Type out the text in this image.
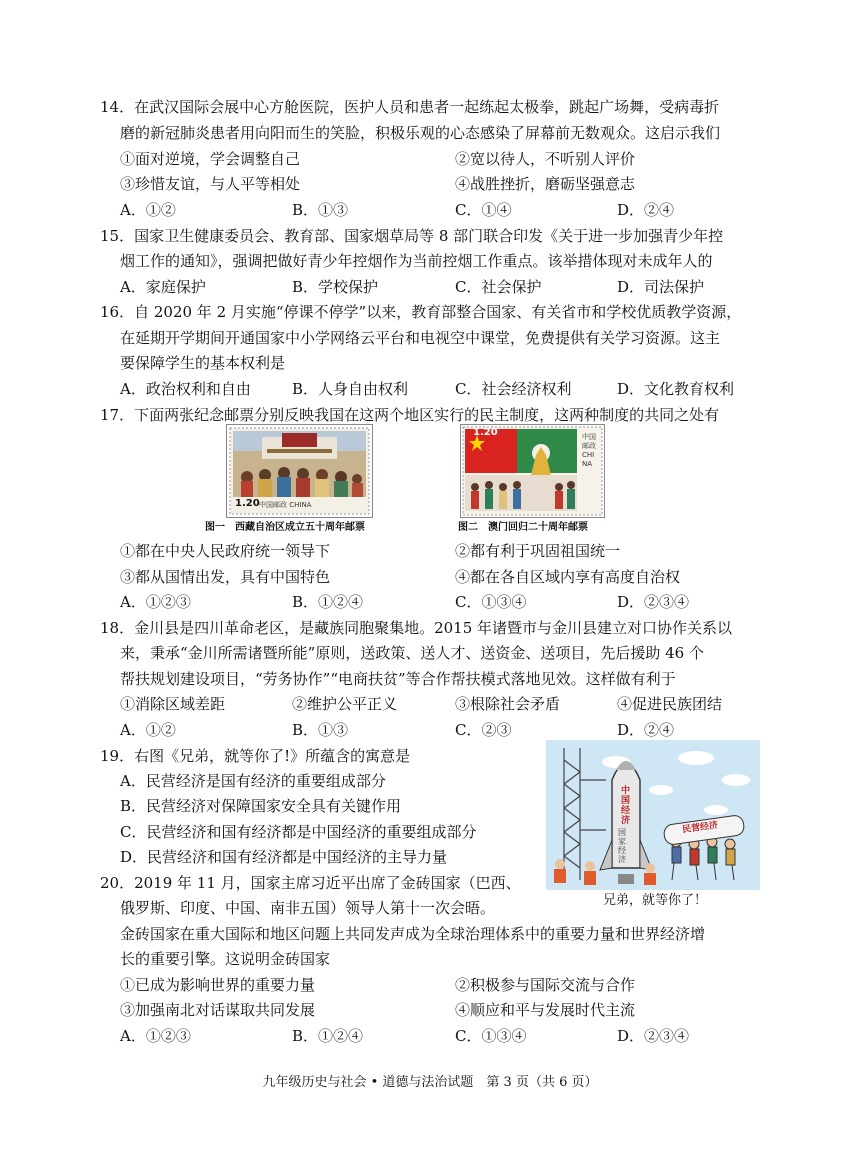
14．在武汉国际会展中心方舱医院，医护人员和患者一起练起太极拳，跳起广场舞，受病毒折
磨的新冠肺炎患者用向阳而生的笑脸，积极乐观的心态感染了屏幕前无数观众。这启示我们
①面对逆境，学会调整自己	②宽以待人，不听别人评价
③珍惜友谊，与人平等相处	④战胜挫折，磨砺坚强意志
A．①②	B．①③	C．①④	D．②④
15．国家卫生健康委员会、教育部、国家烟草局等 8 部门联合印发《关于进一步加强青少年控
烟工作的通知》，强调把做好青少年控烟作为当前控烟工作重点。该举措体现对未成年人的
A．家庭保护	B．学校保护	C．社会保护	D．司法保护
16．自 2020 年 2 月实施“停课不停学”以来，教育部整合国家、有关省市和学校优质教学资源，
在延期开学期间开通国家中小学网络云平台和电视空中课堂，免费提供有关学习资源。这主
要保障学生的基本权利是
A．政治权利和自由	B．人身自由权利	C．社会经济权利	D．文化教育权利
17．下面两张纪念邮票分别反映我国在这两个地区实行的民主制度，这两种制度的共同之处有
1.20 中国邮政 CHINA
图一　西藏自治区成立五十周年邮票
1.20	中国邮政 CHINA
图二　澳门回归二十周年邮票
①都在中央人民政府统一领导下	②都有利于巩固祖国统一
③都从国情出发，具有中国特色	④都在各自区域内享有高度自治权
A．①②③	B．①②④	C．①③④	D．②③④
18．金川县是四川革命老区，是藏族同胞聚集地。2015 年诸暨市与金川县建立对口协作关系以
来，秉承“金川所需诸暨所能”原则，送政策、送人才、送资金、送项目，先后援助 46 个
帮扶规划建设项目，“劳务协作”“电商扶贫”等合作帮扶模式落地见效。这样做有利于
①消除区域差距	②维护公平正义	③根除社会矛盾	④促进民族团结
A．①②	B．①③	C．②③	D．②④
19．右图《兄弟，就等你了!》所蕴含的寓意是
A．民营经济是国有经济的重要组成部分
B．民营经济对保障国家安全具有关键作用
C．民营经济和国有经济都是中国经济的重要组成部分
D．民营经济和国有经济都是中国经济的主导力量
中国经济
国家经济
民营经济
兄弟，就等你了！
20．2019 年 11 月，国家主席习近平出席了金砖国家（巴西、
俄罗斯、印度、中国、南非五国）领导人第十一次会晤。
金砖国家在重大国际和地区问题上共同发声成为全球治理体系中的重要力量和世界经济增
长的重要引擎。这说明金砖国家
①已成为影响世界的重要力量	②积极参与国际交流与合作
③加强南北对话谋取共同发展	④顺应和平与发展时代主流
A．①②③	B．①②④	C．①③④	D．②③④
九年级历史与社会 • 道德与法治试题　第 3 页（共 6 页）
